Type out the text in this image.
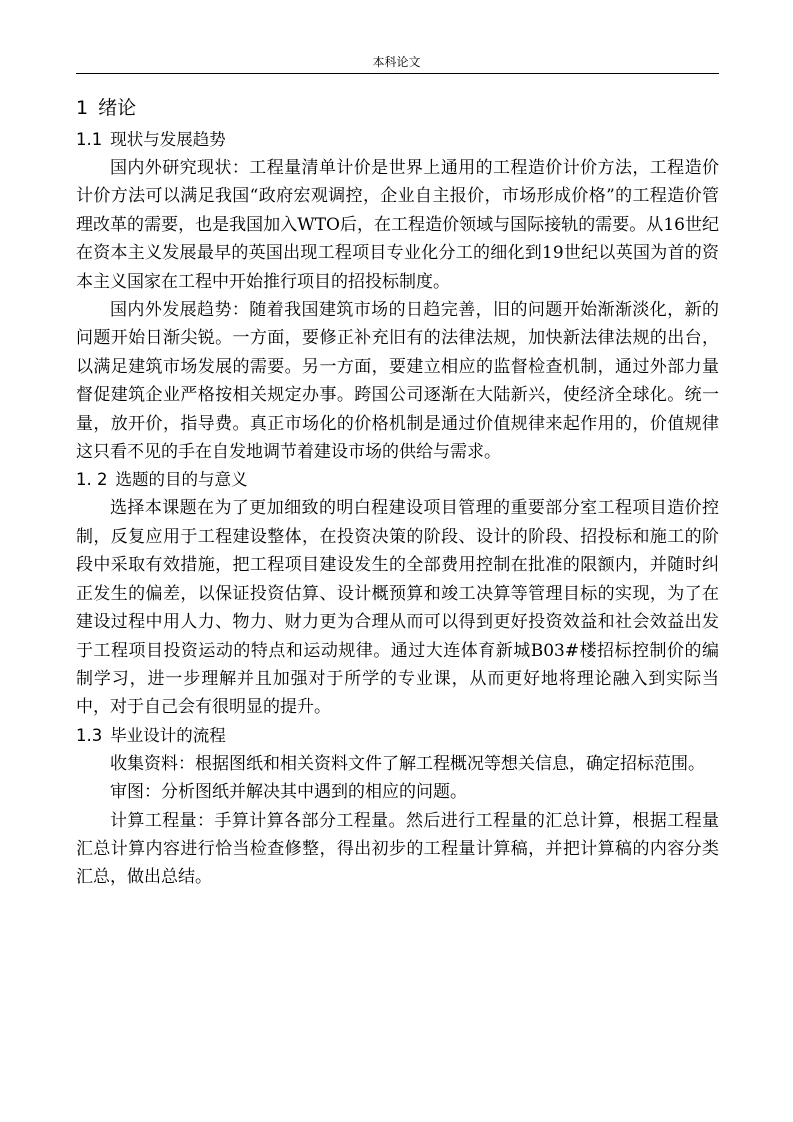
本科论文
1 绪论
1.1 现状与发展趋势

国内外研究现状：工程量清单计价是世界上通用的工程造价计价方法，工程造价计价方法可以满足我国“政府宏观调控，企业自主报价，市场形成价格”的工程造价管理改革的需要，也是我国加入WTO后，在工程造价领域与国际接轨的需要。从16世纪在资本主义发展最早的英国出现工程项目专业化分工的细化到19世纪以英国为首的资本主义国家在工程中开始推行项目的招投标制度。

国内外发展趋势：随着我国建筑市场的日趋完善，旧的问题开始渐渐淡化，新的问题开始日渐尖锐。一方面，要修正补充旧有的法律法规，加快新法律法规的出台，以满足建筑市场发展的需要。另一方面，要建立相应的监督检查机制，通过外部力量督促建筑企业严格按相关规定办事。跨国公司逐渐在大陆新兴，使经济全球化。统一量，放开价，指导费。真正市场化的价格机制是通过价值规律来起作用的，价值规律这只看不见的手在自发地调节着建设市场的供给与需求。

1. 2 选题的目的与意义

选择本课题在为了更加细致的明白程建设项目管理的重要部分室工程项目造价控制，反复应用于工程建设整体，在投资决策的阶段、设计的阶段、招投标和施工的阶段中采取有效措施，把工程项目建设发生的全部费用控制在批准的限额内，并随时纠正发生的偏差，以保证投资估算、设计概预算和竣工决算等管理目标的实现，为了在建设过程中用人力、物力、财力更为合理从而可以得到更好投资效益和社会效益出发于工程项目投资运动的特点和运动规律。通过大连体育新城B03#楼招标控制价的编制学习，进一步理解并且加强对于所学的专业课，从而更好地将理论融入到实际当中，对于自己会有很明显的提升。

1.3 毕业设计的流程

收集资料：根据图纸和相关资料文件了解工程概况等想关信息，确定招标范围。

审图：分析图纸并解决其中遇到的相应的问题。

计算工程量：手算计算各部分工程量。然后进行工程量的汇总计算，根据工程量汇总计算内容进行恰当检查修整，得出初步的工程量计算稿，并把计算稿的内容分类汇总，做出总结。
